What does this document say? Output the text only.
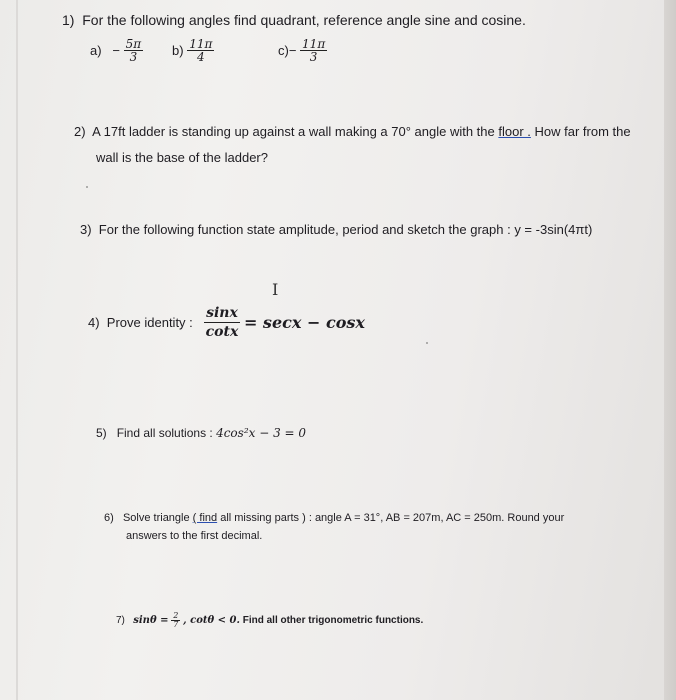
1) For the following angles find quadrant, reference angle sine and cosine.
$a) - \frac{5\pi}{3} b) \frac{11\pi}{4}$	$c)- \frac{11\pi}{3}$
2) A 17ft ladder is standing up against a wall making a 70° angle with the floor . How far from the
wall is the base of the ladder?
3) For the following function state amplitude, period and sketch the graph : y = -3sin(4πt)
I
4) Prove identity : $\frac{\sin x}{\cot x} = \sec x - \cos x$
5) Find all solutions : 4cos²x − 3 = 0
6) Solve triangle ( find all missing parts ) : angle A = 31°, AB = 207m, AC = 250m. Round your
answers to the first decimal.
7) $\sin\theta = \frac{2}{7}$ , cotθ < 0. Find all other trigonometric functions.
